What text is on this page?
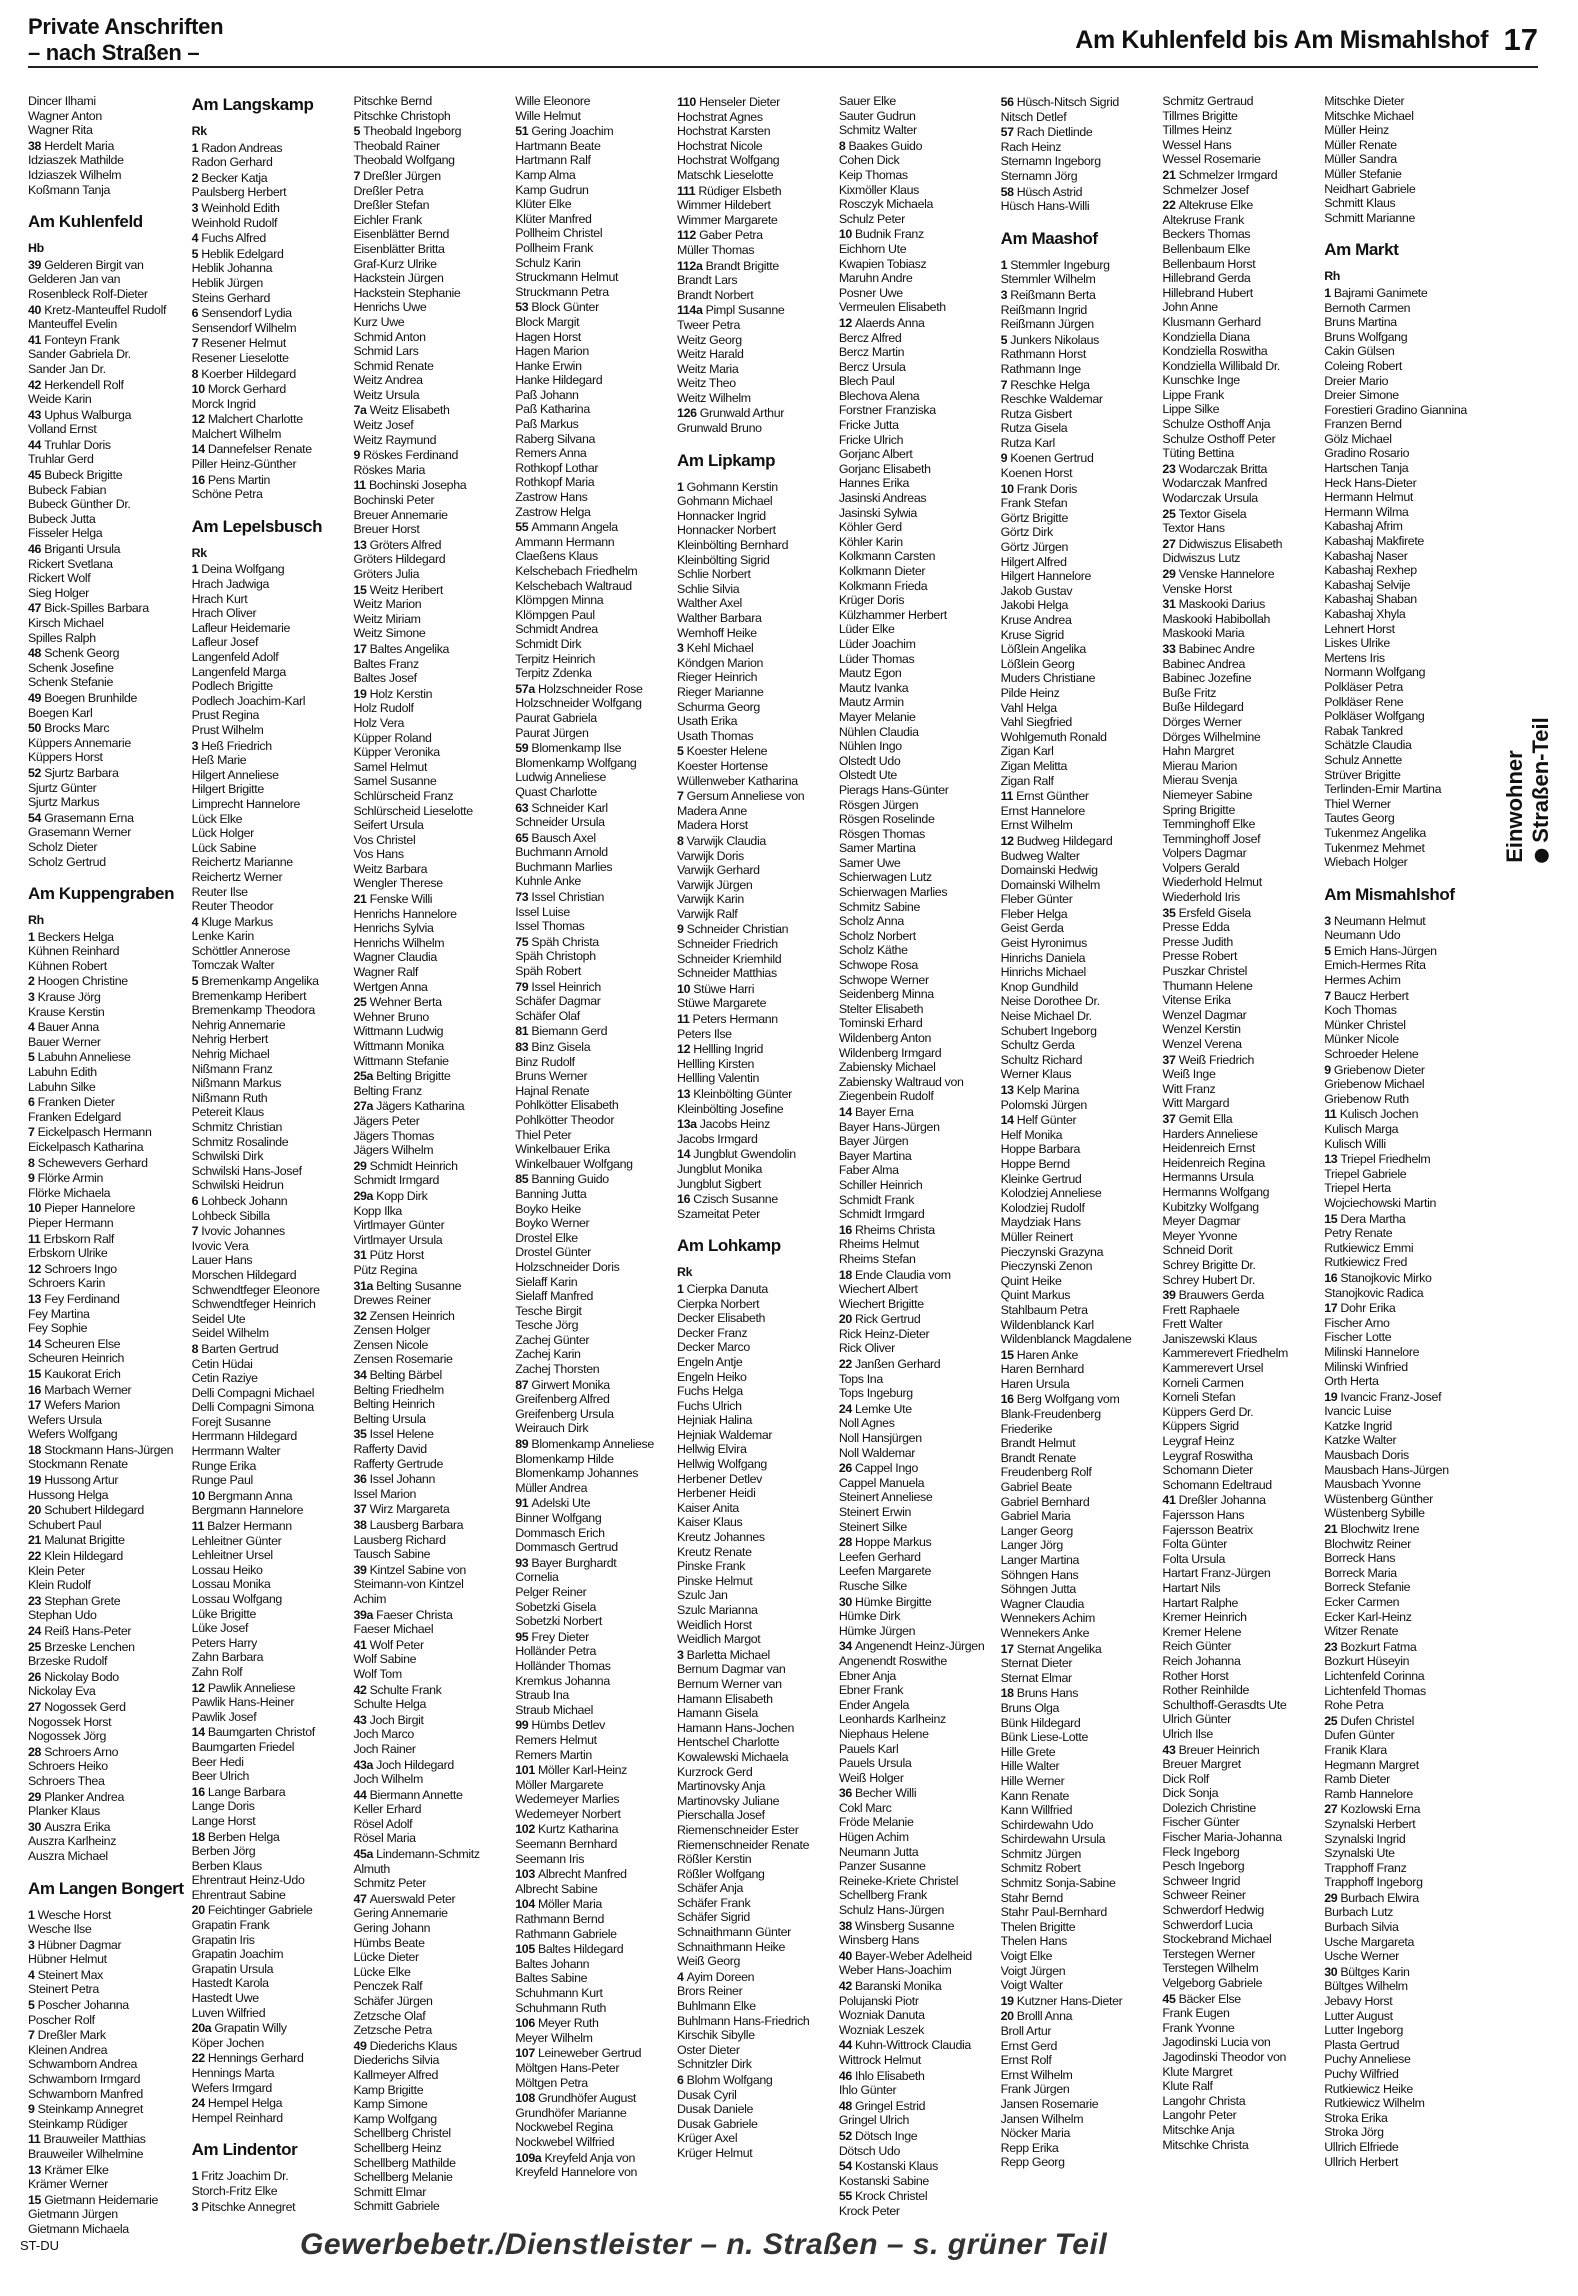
Private Anschriften
– nach Straßen –	Am Kuhlenfeld bis Am Mismahlshof 17
Dincer Ilhami
Wagner Anton
Wagner Rita
38 Herdelt Maria
Idziaszek Mathilde
Idziaszek Wilhelm
Koßmann Tanja
Am Kuhlenfeld
Hb
39 Gelderen Birgit van
Gelderen Jan van
Rosenbleck Rolf-Dieter
40 Kretz-Manteuffel Rudolf
Manteuffel Evelin
41 Fonteyn Frank
Sander Gabriela Dr.
Sander Jan Dr.
42 Herkendell Rolf
Weide Karin
43 Uphus Walburga
Volland Ernst
44 Truhlar Doris
Truhlar Gerd
45 Bubeck Brigitte
Bubeck Fabian
Bubeck Günther Dr.
Bubeck Jutta
Fisseler Helga
46 Briganti Ursula
Rickert Svetlana
Rickert Wolf
Sieg Holger
47 Bick-Spilles Barbara
Kirsch Michael
Spilles Ralph
48 Schenk Georg
Schenk Josefine
Schenk Stefanie
49 Boegen Brunhilde
Boegen Karl
50 Brocks Marc
Küppers Annemarie
Küppers Horst
52 Sjurtz Barbara
Sjurtz Günter
Sjurtz Markus
54 Grasemann Erna
Grasemann Werner
Scholz Dieter
Scholz Gertrud
Am Kuppengraben
Rh
1 Beckers Helga
Kühnen Reinhard
Kühnen Robert
2 Hoogen Christine
3 Krause Jörg
Krause Kerstin
4 Bauer Anna
Bauer Werner
5 Labuhn Anneliese
Labuhn Edith
Labuhn Silke
6 Franken Dieter
Franken Edelgard
7 Eickelpasch Hermann
Eickelpasch Katharina
8 Schewevers Gerhard
9 Flörke Armin
Flörke Michaela
10 Pieper Hannelore
Pieper Hermann
11 Erbskorn Ralf
Erbskorn Ulrike
12 Schroers Ingo
Schroers Karin
13 Fey Ferdinand
Fey Martina
Fey Sophie
14 Scheuren Else
Scheuren Heinrich
15 Kaukorat Erich
16 Marbach Werner
17 Wefers Marion
Wefers Ursula
Wefers Wolfgang
18 Stockmann Hans-Jürgen
Stockmann Renate
19 Hussong Artur
Hussong Helga
20 Schubert Hildegard
Schubert Paul
21 Malunat Brigitte
22 Klein Hildegard
Klein Peter
Klein Rudolf
23 Stephan Grete
Stephan Udo
24 Reiß Hans-Peter
25 Brzeske Lenchen
Brzeske Rudolf
26 Nickolay Bodo
Nickolay Eva
27 Nogossek Gerd
Nogossek Horst
Nogossek Jörg
28 Schroers Arno
Schroers Heiko
Schroers Thea
29 Planker Andrea
Planker Klaus
30 Auszra Erika
Auszra Karlheinz
Auszra Michael
Am Langen Bongert
1 Wesche Horst
Wesche Ilse
3 Hübner Dagmar
Hübner Helmut
4 Steinert Max
Steinert Petra
5 Poscher Johanna
Poscher Rolf
7 Dreßler Mark
Kleinen Andrea
Schwamborn Andrea
Schwamborn Irmgard
Schwamborn Manfred
9 Steinkamp Annegret
Steinkamp Rüdiger
11 Brauweiler Matthias
Brauweiler Wilhelmine
13 Krämer Elke
Krämer Werner
15 Gietmann Heidemarie
Gietmann Jürgen
Gietmann Michaela
Am Langskamp
Rk
1 Radon Andreas
Radon Gerhard
2 Becker Katja
Paulsberg Herbert
3 Weinhold Edith
Weinhold Rudolf
4 Fuchs Alfred
5 Heblik Edelgard
Heblik Johanna
Heblik Jürgen
Steins Gerhard
6 Sensendorf Lydia
Sensendorf Wilhelm
7 Resener Helmut
Resener Lieselotte
8 Koerber Hildegard
10 Morck Gerhard
Morck Ingrid
12 Malchert Charlotte
Malchert Wilhelm
14 Dannefelser Renate
Piller Heinz-Günther
16 Pens Martin
Schöne Petra
Am Lepelsbusch
Rk
1 Deina Wolfgang
Hrach Jadwiga
Hrach Kurt
Hrach Oliver
Lafleur Heidemarie
Lafleur Josef
Langenfeld Adolf
Langenfeld Marga
Podlech Brigitte
Podlech Joachim-Karl
Prust Regina
Prust Wilhelm
3 Heß Friedrich
Heß Marie
Hilgert Anneliese
Hilgert Brigitte
Limprecht Hannelore
Lück Elke
Lück Holger
Lück Sabine
Reichertz Marianne
Reichertz Werner
Reuter Ilse
Reuter Theodor
4 Kluge Markus
Lenke Karin
Schöttler Annerose
Tomczak Walter
5 Bremenkamp Angelika
Bremenkamp Heribert
Bremenkamp Theodora
Nehrig Annemarie
Nehrig Herbert
Nehrig Michael
Nißmann Franz
Nißmann Markus
Nißmann Ruth
Petereit Klaus
Schmitz Christian
Schmitz Rosalinde
Schwilski Dirk
Schwilski Hans-Josef
Schwilski Heidrun
6 Lohbeck Johann
Lohbeck Sibilla
7 Ivovic Johannes
Ivovic Vera
Lauer Hans
Morschen Hildegard
Schwendtfeger Eleonore
Schwendtfeger Heinrich
Seidel Ute
Seidel Wilhelm
8 Barten Gertrud
Cetin Hüdai
Cetin Raziye
Delli Compagni Michael
Delli Compagni Simona
Forejt Susanne
Herrmann Hildegard
Herrmann Walter
Runge Erika
Runge Paul
10 Bergmann Anna
Bergmann Hannelore
11 Balzer Hermann
Lehleitner Günter
Lehleitner Ursel
Lossau Heiko
Lossau Monika
Lossau Wolfgang
Lüke Brigitte
Lüke Josef
Peters Harry
Zahn Barbara
Zahn Rolf
12 Pawlik Anneliese
Pawlik Hans-Heiner
Pawlik Josef
14 Baumgarten Christof
Baumgarten Friedel
Beer Hedi
Beer Ulrich
16 Lange Barbara
Lange Doris
Lange Horst
18 Berben Helga
Berben Jörg
Berben Klaus
Ehrentraut Heinz-Udo
Ehrentraut Sabine
20 Feichtinger Gabriele
Grapatin Frank
Grapatin Iris
Grapatin Joachim
Grapatin Ursula
Hastedt Karola
Hastedt Uwe
Luven Wilfried
20a Grapatin Willy
Köper Jochen
22 Hennings Gerhard
Hennings Marta
Wefers Irmgard
24 Hempel Helga
Hempel Reinhard
Am Lindentor
1 Fritz Joachim Dr.
Storch-Fritz Elke
3 Pitschke Annegret
Pitschke Bernd
Pitschke Christoph
5 Theobald Ingeborg
Theobald Rainer
Theobald Wolfgang
7 Dreßler Jürgen
Dreßler Petra
Dreßler Stefan
Eichler Frank
Eisenblätter Bernd
Eisenblätter Britta
Graf-Kurz Ulrike
Hackstein Jürgen
Hackstein Stephanie
Henrichs Uwe
Kurz Uwe
Schmid Anton
Schmid Lars
Schmid Renate
Weitz Andrea
Weitz Ursula
7a Weitz Elisabeth
Weitz Josef
Weitz Raymund
9 Röskes Ferdinand
Röskes Maria
11 Bochinski Josepha
Bochinski Peter
Breuer Annemarie
Breuer Horst
13 Gröters Alfred
Gröters Hildegard
Gröters Julia
15 Weitz Heribert
Weitz Marion
Weitz Miriam
Weitz Simone
17 Baltes Angelika
Baltes Franz
Baltes Josef
19 Holz Kerstin
Holz Rudolf
Holz Vera
Küpper Roland
Küpper Veronika
Samel Helmut
Samel Susanne
Schlürscheid Franz
Schlürscheid Lieselotte
Seifert Ursula
Vos Christel
Vos Hans
Weitz Barbara
Wengler Therese
21 Fenske Willi
Henrichs Hannelore
Henrichs Sylvia
Henrichs Wilhelm
Wagner Claudia
Wagner Ralf
Wertgen Anna
25 Wehner Berta
Wehner Bruno
Wittmann Ludwig
Wittmann Monika
Wittmann Stefanie
25a Belting Brigitte
Belting Franz
27a Jägers Katharina
Jägers Peter
Jägers Thomas
Jägers Wilhelm
29 Schmidt Heinrich
Schmidt Irmgard
29a Kopp Dirk
Kopp Ilka
Virtlmayer Günter
Virtlmayer Ursula
31 Pütz Horst
Pütz Regina
31a Belting Susanne
Drewes Reiner
32 Zensen Heinrich
Zensen Holger
Zensen Nicole
Zensen Rosemarie
34 Belting Bärbel
Belting Friedhelm
Belting Heinrich
Belting Ursula
35 Issel Helene
Rafferty David
Rafferty Gertrude
36 Issel Johann
Issel Marion
37 Wirz Margareta
38 Lausberg Barbara
Lausberg Richard
Tausch Sabine
39 Kintzel Sabine von
Steimann-von Kintzel
Achim
39a Faeser Christa
Faeser Michael
41 Wolf Peter
Wolf Sabine
Wolf Tom
42 Schulte Frank
Schulte Helga
43 Joch Birgit
Joch Marco
Joch Rainer
43a Joch Hildegard
Joch Wilhelm
44 Biermann Annette
Keller Erhard
Rösel Adolf
Rösel Maria
45a Lindemann-Schmitz
Almuth
Schmitz Peter
47 Auerswald Peter
Gering Annemarie
Gering Johann
Hümbs Beate
Lücke Dieter
Lücke Elke
Penczek Ralf
Schäfer Jürgen
Zetzsche Olaf
Zetzsche Petra
49 Diederichs Klaus
Diederichs Silvia
Kallmeyer Alfred
Kamp Brigitte
Kamp Simone
Kamp Wolfgang
Schellberg Christel
Schellberg Heinz
Schellberg Mathilde
Schellberg Melanie
Schmitt Elmar
Schmitt Gabriele
Wille Eleonore
Wille Helmut
51 Gering Joachim
Hartmann Beate
Hartmann Ralf
Kamp Alma
Kamp Gudrun
Klüter Elke
Klüter Manfred
Pollheim Christel
Pollheim Frank
Schulz Karin
Struckmann Helmut
Struckmann Petra
53 Block Günter
Block Margit
Hagen Horst
Hagen Marion
Hanke Erwin
Hanke Hildegard
Paß Johann
Paß Katharina
Paß Markus
Raberg Silvana
Remers Anna
Rothkopf Lothar
Rothkopf Maria
Zastrow Hans
Zastrow Helga
55 Ammann Angela
Ammann Hermann
Claeßens Klaus
Kelschebach Friedhelm
Kelschebach Waltraud
Klömpgen Minna
Klömpgen Paul
Schmidt Andrea
Schmidt Dirk
Terpitz Heinrich
Terpitz Zdenka
57a Holzschneider Rose
Holzschneider Wolfgang
Paurat Gabriela
Paurat Jürgen
59 Blomenkamp Ilse
Blomenkamp Wolfgang
Ludwig Anneliese
Quast Charlotte
63 Schneider Karl
Schneider Ursula
65 Bausch Axel
Buchmann Arnold
Buchmann Marlies
Kuhnle Anke
73 Issel Christian
Issel Luise
Issel Thomas
75 Späh Christa
Späh Christoph
Späh Robert
79 Issel Heinrich
Schäfer Dagmar
Schäfer Olaf
81 Biemann Gerd
83 Binz Gisela
Binz Rudolf
Bruns Werner
Hajnal Renate
Pohlkötter Elisabeth
Pohlkötter Theodor
Thiel Peter
Winkelbauer Erika
Winkelbauer Wolfgang
85 Banning Guido
Banning Jutta
Boyko Heike
Boyko Werner
Drostel Elke
Drostel Günter
Holzschneider Doris
Sielaff Karin
Sielaff Manfred
Tesche Birgit
Tesche Jörg
Zachej Günter
Zachej Karin
Zachej Thorsten
87 Girwert Monika
Greifenberg Alfred
Greifenberg Ursula
Weirauch Dirk
89 Blomenkamp Anneliese
Blomenkamp Hilde
Blomenkamp Johannes
Müller Andrea
91 Adelski Ute
Binner Wolfgang
Dommasch Erich
Dommasch Gertrud
93 Bayer Burghardt
Cornelia
Pelger Reiner
Sobetzki Gisela
Sobetzki Norbert
95 Frey Dieter
Holländer Petra
Holländer Thomas
Kremkus Johanna
Straub Ina
Straub Michael
99 Hümbs Detlev
Remers Helmut
Remers Martin
101 Möller Karl-Heinz
Möller Margarete
Wedemeyer Marlies
Wedemeyer Norbert
102 Kurtz Katharina
Seemann Bernhard
Seemann Iris
103 Albrecht Manfred
Albrecht Sabine
104 Möller Maria
Rathmann Bernd
Rathmann Gabriele
105 Baltes Hildegard
Baltes Johann
Baltes Sabine
Schuhmann Kurt
Schuhmann Ruth
106 Meyer Ruth
Meyer Wilhelm
107 Leineweber Gertrud
Möltgen Hans-Peter
Möltgen Petra
108 Grundhöfer August
Grundhöfer Marianne
Nockwebel Regina
Nockwebel Wilfried
109a Kreyfeld Anja von
Kreyfeld Hannelore von
110 Henseler Dieter
Hochstrat Agnes
Hochstrat Karsten
Hochstrat Nicole
Hochstrat Wolfgang
Matschk Lieselotte
111 Rüdiger Elsbeth
Wimmer Hildebert
Wimmer Margarete
112 Gaber Petra
Müller Thomas
112a Brandt Brigitte
Brandt Lars
Brandt Norbert
114a Pimpl Susanne
Tweer Petra
Weitz Georg
Weitz Harald
Weitz Maria
Weitz Theo
Weitz Wilhelm
126 Grunwald Arthur
Grunwald Bruno
Am Lipkamp
1 Gohmann Kerstin
Gohmann Michael
Honnacker Ingrid
Honnacker Norbert
Kleinbölting Bernhard
Kleinbölting Sigrid
Schlie Norbert
Schlie Silvia
Walther Axel
Walther Barbara
Wemhoff Heike
3 Kehl Michael
Köndgen Marion
Rieger Heinrich
Rieger Marianne
Schurma Georg
Usath Erika
Usath Thomas
5 Koester Helene
Koester Hortense
Wüllenweber Katharina
7 Gersum Anneliese von
Madera Anne
Madera Horst
8 Varwijk Claudia
Varwijk Doris
Varwijk Gerhard
Varwijk Jürgen
Varwijk Karin
Varwijk Ralf
9 Schneider Christian
Schneider Friedrich
Schneider Kriemhild
Schneider Matthias
10 Stüwe Harri
Stüwe Margarete
11 Peters Hermann
Peters Ilse
12 Hellling Ingrid
Hellling Kirsten
Hellling Valentin
13 Kleinbölting Günter
Kleinbölting Josefine
13a Jacobs Heinz
Jacobs Irmgard
14 Jungblut Gwendolin
Jungblut Monika
Jungblut Sigbert
16 Czisch Susanne
Szameitat Peter
Am Lohkamp
Rk
1 Cierpka Danuta
Cierpka Norbert
Decker Elisabeth
Decker Franz
Decker Marco
Engeln Antje
Engeln Heiko
Fuchs Helga
Fuchs Ulrich
Hejniak Halina
Hejniak Waldemar
Hellwig Elvira
Hellwig Wolfgang
Herbener Detlev
Herbener Heidi
Kaiser Anita
Kaiser Klaus
Kreutz Johannes
Kreutz Renate
Pinske Frank
Pinske Helmut
Szulc Jan
Szulc Marianna
Weidlich Horst
Weidlich Margot
3 Barletta Michael
Bernum Dagmar van
Bernum Werner van
Hamann Elisabeth
Hamann Gisela
Hamann Hans-Jochen
Hentschel Charlotte
Kowalewski Michaela
Kurzrock Gerd
Martinovsky Anja
Martinovsky Juliane
Pierschalla Josef
Riemenschneider Ester
Riemenschneider Renate
Rößler Kerstin
Rößler Wolfgang
Schäfer Anja
Schäfer Frank
Schäfer Sigrid
Schnaithmann Günter
Schnaithmann Heike
Weiß Georg
4 Ayim Doreen
Brors Reiner
Buhlmann Elke
Buhlmann Hans-Friedrich
Kirschik Sibylle
Oster Dieter
Schnitzler Dirk
6 Blohm Wolfgang
Dusak Cyril
Dusak Daniele
Dusak Gabriele
Krüger Axel
Krüger Helmut
Sauer Elke
Sauter Gudrun
Schmitz Walter
8 Baakes Guido
Cohen Dick
Keip Thomas
Kixmöller Klaus
Rosczyk Michaela
Schulz Peter
10 Budnik Franz
Eichhorn Ute
Kwapien Tobiasz
Maruhn Andre
Posner Uwe
Vermeulen Elisabeth
12 Alaerds Anna
Bercz Alfred
Bercz Martin
Bercz Ursula
Blech Paul
Blechova Alena
Forstner Franziska
Fricke Jutta
Fricke Ulrich
Gorjanc Albert
Gorjanc Elisabeth
Hannes Erika
Jasinski Andreas
Jasinski Sylwia
Köhler Gerd
Köhler Karin
Kolkmann Carsten
Kolkmann Dieter
Kolkmann Frieda
Krüger Doris
Külzhammer Herbert
Lüder Elke
Lüder Joachim
Lüder Thomas
Mautz Egon
Mautz Ivanka
Mautz Armin
Mayer Melanie
Nühlen Claudia
Nühlen Ingo
Olstedt Udo
Olstedt Ute
Pierags Hans-Günter
Rösgen Jürgen
Rösgen Roselinde
Rösgen Thomas
Samer Martina
Samer Uwe
Schierwagen Lutz
Schierwagen Marlies
Schmitz Sabine
Scholz Anna
Scholz Norbert
Scholz Käthe
Schwope Rosa
Schwope Werner
Seidenberg Minna
Stelter Elisabeth
Tominski Erhard
Wildenberg Anton
Wildenberg Irmgard
Zabiensky Michael
Zabiensky Waltraud von
Ziegenbein Rudolf
14 Bayer Erna
Bayer Hans-Jürgen
Bayer Jürgen
Bayer Martina
Faber Alma
Schiller Heinrich
Schmidt Frank
Schmidt Irmgard
16 Rheims Christa
Rheims Helmut
Rheims Stefan
18 Ende Claudia vom
Wiechert Albert
Wiechert Brigitte
20 Rick Gertrud
Rick Heinz-Dieter
Rick Oliver
22 Janßen Gerhard
Tops Ina
Tops Ingeburg
24 Lemke Ute
Noll Agnes
Noll Hansjürgen
Noll Waldemar
26 Cappel Ingo
Cappel Manuela
Steinert Anneliese
Steinert Erwin
Steinert Silke
28 Hoppe Markus
Leefen Gerhard
Leefen Margarete
Rusche Silke
30 Hümke Birgitte
Hümke Dirk
Hümke Jürgen
34 Angenendt Heinz-Jürgen
Angenendt Roswithe
Ebner Anja
Ebner Frank
Ender Angela
Leonhards Karlheinz
Niephaus Helene
Pauels Karl
Pauels Ursula
Weiß Holger
36 Becher Willi
Cokl Marc
Fröde Melanie
Hügen Achim
Neumann Jutta
Panzer Susanne
Reineke-Kriete Christel
Schellberg Frank
Schulz Hans-Jürgen
38 Winsberg Susanne
Winsberg Hans
40 Bayer-Weber Adelheid
Weber Hans-Joachim
42 Baranski Monika
Polujanski Piotr
Wozniak Danuta
Wozniak Leszek
44 Kuhn-Wittrock Claudia
Wittrock Helmut
46 Ihlo Elisabeth
Ihlo Günter
48 Gringel Estrid
Gringel Ulrich
52 Dötsch Inge
Dötsch Udo
54 Kostanski Klaus
Kostanski Sabine
55 Krock Christel
Krock Peter
56 Hüsch-Nitsch Sigrid
Nitsch Detlef
57 Rach Dietlinde
Rach Heinz
Sternamn Ingeborg
Sternamn Jörg
58 Hüsch Astrid
Hüsch Hans-Willi
Am Maashof
1 Stemmler Ingeburg
Stemmler Wilhelm
3 Reißmann Berta
Reißmann Ingrid
Reißmann Jürgen
5 Junkers Nikolaus
Rathmann Horst
Rathmann Inge
7 Reschke Helga
Reschke Waldemar
Rutza Gisbert
Rutza Gisela
Rutza Karl
9 Koenen Gertrud
Koenen Horst
10 Frank Doris
Frank Stefan
Görtz Brigitte
Görtz Dirk
Görtz Jürgen
Hilgert Alfred
Hilgert Hannelore
Jakob Gustav
Jakobi Helga
Kruse Andrea
Kruse Sigrid
Lößlein Angelika
Lößlein Georg
Muders Christiane
Pilde Heinz
Vahl Helga
Vahl Siegfried
Wohlgemuth Ronald
Zigan Karl
Zigan Melitta
Zigan Ralf
11 Ernst Günther
Ernst Hannelore
Ernst Wilhelm
12 Budweg Hildegard
Budweg Walter
Domainski Hedwig
Domainski Wilhelm
Fleber Günter
Fleber Helga
Geist Gerda
Geist Hyronimus
Hinrichs Daniela
Hinrichs Michael
Knop Gundhild
Neise Dorothee Dr.
Neise Michael Dr.
Schubert Ingeborg
Schultz Gerda
Schultz Richard
Werner Klaus
13 Kelp Marina
Polomski Jürgen
14 Helf Günter
Helf Monika
Hoppe Barbara
Hoppe Bernd
Kleinke Gertrud
Kolodziej Anneliese
Kolodziej Rudolf
Maydziak Hans
Müller Reinert
Pieczynski Grazyna
Pieczynski Zenon
Quint Heike
Quint Markus
Stahlbaum Petra
Wildenblanck Karl
Wildenblanck Magdalene
15 Haren Anke
Haren Bernhard
Haren Ursula
16 Berg Wolfgang vom
Blank-Freudenberg
Friederike
Brandt Helmut
Brandt Renate
Freudenberg Rolf
Gabriel Beate
Gabriel Bernhard
Gabriel Maria
Langer Georg
Langer Jörg
Langer Martina
Söhngen Hans
Söhngen Jutta
Wagner Claudia
Wennekers Achim
Wennekers Anke
17 Sternat Angelika
Sternat Dieter
Sternat Elmar
18 Bruns Hans
Bruns Olga
Bünk Hildegard
Bünk Liese-Lotte
Hille Grete
Hille Walter
Hille Werner
Kann Renate
Kann Willfried
Schirdewahn Udo
Schirdewahn Ursula
Schmitz Jürgen
Schmitz Robert
Schmitz Sonja-Sabine
Stahr Bernd
Stahr Paul-Bernhard
Thelen Brigitte
Thelen Hans
Voigt Elke
Voigt Jürgen
Voigt Walter
19 Kutzner Hans-Dieter
20 Brolll Anna
Broll Artur
Ernst Gerd
Ernst Rolf
Ernst Wilhelm
Frank Jürgen
Jansen Rosemarie
Jansen Wilhelm
Nöcker Maria
Repp Erika
Repp Georg
Schmitz Gertraud
Tillmes Brigitte
Tillmes Heinz
Wessel Hans
Wessel Rosemarie
21 Schmelzer Irmgard
Schmelzer Josef
22 Altekruse Elke
Altekruse Frank
Beckers Thomas
Bellenbaum Elke
Bellenbaum Horst
Hillebrand Gerda
Hillebrand Hubert
John Anne
Klusmann Gerhard
Kondziella Diana
Kondziella Roswitha
Kondziella Willibald Dr.
Kunschke Inge
Lippe Frank
Lippe Silke
Schulze Osthoff Anja
Schulze Osthoff Peter
Tüting Bettina
23 Wodarczak Britta
Wodarczak Manfred
Wodarczak Ursula
25 Textor Gisela
Textor Hans
27 Didwiszus Elisabeth
Didwiszus Lutz
29 Venske Hannelore
Venske Horst
31 Maskooki Darius
Maskooki Habibollah
Maskooki Maria
33 Babinec Andre
Babinec Andrea
Babinec Jozefine
Buße Fritz
Buße Hildegard
Dörges Werner
Dörges Wilhelmine
Hahn Margret
Mierau Marion
Mierau Svenja
Niemeyer Sabine
Spring Brigitte
Temminghoff Elke
Temminghoff Josef
Volpers Dagmar
Volpers Gerald
Wiederhold Helmut
Wiederhold Iris
35 Ersfeld Gisela
Presse Edda
Presse Judith
Presse Robert
Puszkar Christel
Thumann Helene
Vitense Erika
Wenzel Dagmar
Wenzel Kerstin
Wenzel Verena
37 Weiß Friedrich
Weiß Inge
Witt Franz
Witt Margard
37 Gemit Ella
Harders Anneliese
Heidenreich Ernst
Heidenreich Regina
Hermanns Ursula
Hermanns Wolfgang
Kubitzky Wolfgang
Meyer Dagmar
Meyer Yvonne
Schneid Dorit
Schrey Brigitte Dr.
Schrey Hubert Dr.
39 Brauwers Gerda
Frett Raphaele
Frett Walter
Janiszewski Klaus
Kammerevert Friedhelm
Kammerevert Ursel
Korneli Carmen
Korneli Stefan
Küppers Gerd Dr.
Küppers Sigrid
Leygraf Heinz
Leygraf Roswitha
Schomann Dieter
Schomann Edeltraud
41 Dreßler Johanna
Fajersson Hans
Fajersson Beatrix
Folta Günter
Folta Ursula
Hartart Franz-Jürgen
Hartart Nils
Hartart Ralphe
Kremer Heinrich
Kremer Helene
Reich Günter
Reich Johanna
Rother Horst
Rother Reinhilde
Schulthoff-Gerasdts Ute
Ulrich Günter
Ulrich Ilse
43 Breuer Heinrich
Breuer Margret
Dick Rolf
Dick Sonja
Dolezich Christine
Fischer Günter
Fischer Maria-Johanna
Fleck Ingeborg
Pesch Ingeborg
Schweer Ingrid
Schweer Reiner
Schwerdorf Hedwig
Schwerdorf Lucia
Stockebrand Michael
Terstegen Werner
Terstegen Wilhelm
Velgeborg Gabriele
45 Bäcker Else
Frank Eugen
Frank Yvonne
Jagodinski Lucia von
Jagodinski Theodor von
Klute Margret
Klute Ralf
Langohr Christa
Langohr Peter
Mitschke Anja
Mitschke Christa
Mitschke Dieter
Mitschke Michael
Müller Heinz
Müller Renate
Müller Sandra
Müller Stefanie
Neidhart Gabriele
Schmitt Klaus
Schmitt Marianne
Am Markt
Rh
1 Bajrami Ganimete
Bernoth Carmen
Bruns Martina
Bruns Wolfgang
Cakin Gülsen
Coleing Robert
Dreier Mario
Dreier Simone
Forestieri Gradino Giannina
Franzen Bernd
Gölz Michael
Gradino Rosario
Hartschen Tanja
Heck Hans-Dieter
Hermann Helmut
Hermann Wilma
Kabashaj Afrim
Kabashaj Makfirete
Kabashaj Naser
Kabashaj Rexhep
Kabashaj Selvije
Kabashaj Shaban
Kabashaj Xhyla
Lehnert Horst
Liskes Ulrike
Mertens Iris
Normann Wolfgang
Polkläser Petra
Polkläser Rene
Polkläser Wolfgang
Rabak Tankred
Schätzle Claudia
Schulz Annette
Strüver Brigitte
Terlinden-Emir Martina
Thiel Werner
Tautes Georg
Tukenmez Angelika
Tukenmez Mehmet
Wiebach Holger
Am Mismahlshof
3 Neumann Helmut
Neumann Udo
5 Emich Hans-Jürgen
Emich-Hermes Rita
Hermes Achim
7 Baucz Herbert
Koch Thomas
Münker Christel
Münker Nicole
Schroeder Helene
9 Griebenow Dieter
Griebenow Michael
Griebenow Ruth
11 Kulisch Jochen
Kulisch Marga
Kulisch Willi
13 Triepel Friedhelm
Triepel Gabriele
Triepel Herta
Wojciechowski Martin
15 Dera Martha
Petry Renate
Rutkiewicz Emmi
Rutkiewicz Fred
16 Stanojkovic Mirko
Stanojkovic Radica
17 Dohr Erika
Fischer Arno
Fischer Lotte
Milinski Hannelore
Milinski Winfried
Orth Herta
19 Ivancic Franz-Josef
Ivancic Luise
Katzke Ingrid
Katzke Walter
Mausbach Doris
Mausbach Hans-Jürgen
Mausbach Yvonne
Wüstenberg Günther
Wüstenberg Sybille
21 Blochwitz Irene
Blochwitz Reiner
Borreck Hans
Borreck Maria
Borreck Stefanie
Ecker Carmen
Ecker Karl-Heinz
Witzer Renate
23 Bozkurt Fatma
Bozkurt Hüseyin
Lichtenfeld Corinna
Lichtenfeld Thomas
Rohe Petra
25 Dufen Christel
Dufen Günter
Franik Klara
Hegmann Margret
Ramb Dieter
Ramb Hannelore
27 Kozlowski Erna
Szynalski Herbert
Szynalski Ingrid
Szynalski Ute
Trapphoff Franz
Trapphoff Ingeborg
29 Burbach Elwira
Burbach Lutz
Burbach Silvia
Usche Margareta
Usche Werner
30 Bültges Karin
Bültges Wilhelm
Jebavy Horst
Lutter August
Lutter Ingeborg
Plasta Gertrud
Puchy Anneliese
Puchy Wilfried
Rutkiewicz Heike
Rutkiewicz Wilhelm
Stroka Erika
Stroka Jörg
Ullrich Elfriede
Ullrich Herbert
Einwohner Straßen-Teil
ST-DU	Gewerbebetr./Dienstleister – n. Straßen – s. grüner Teil
